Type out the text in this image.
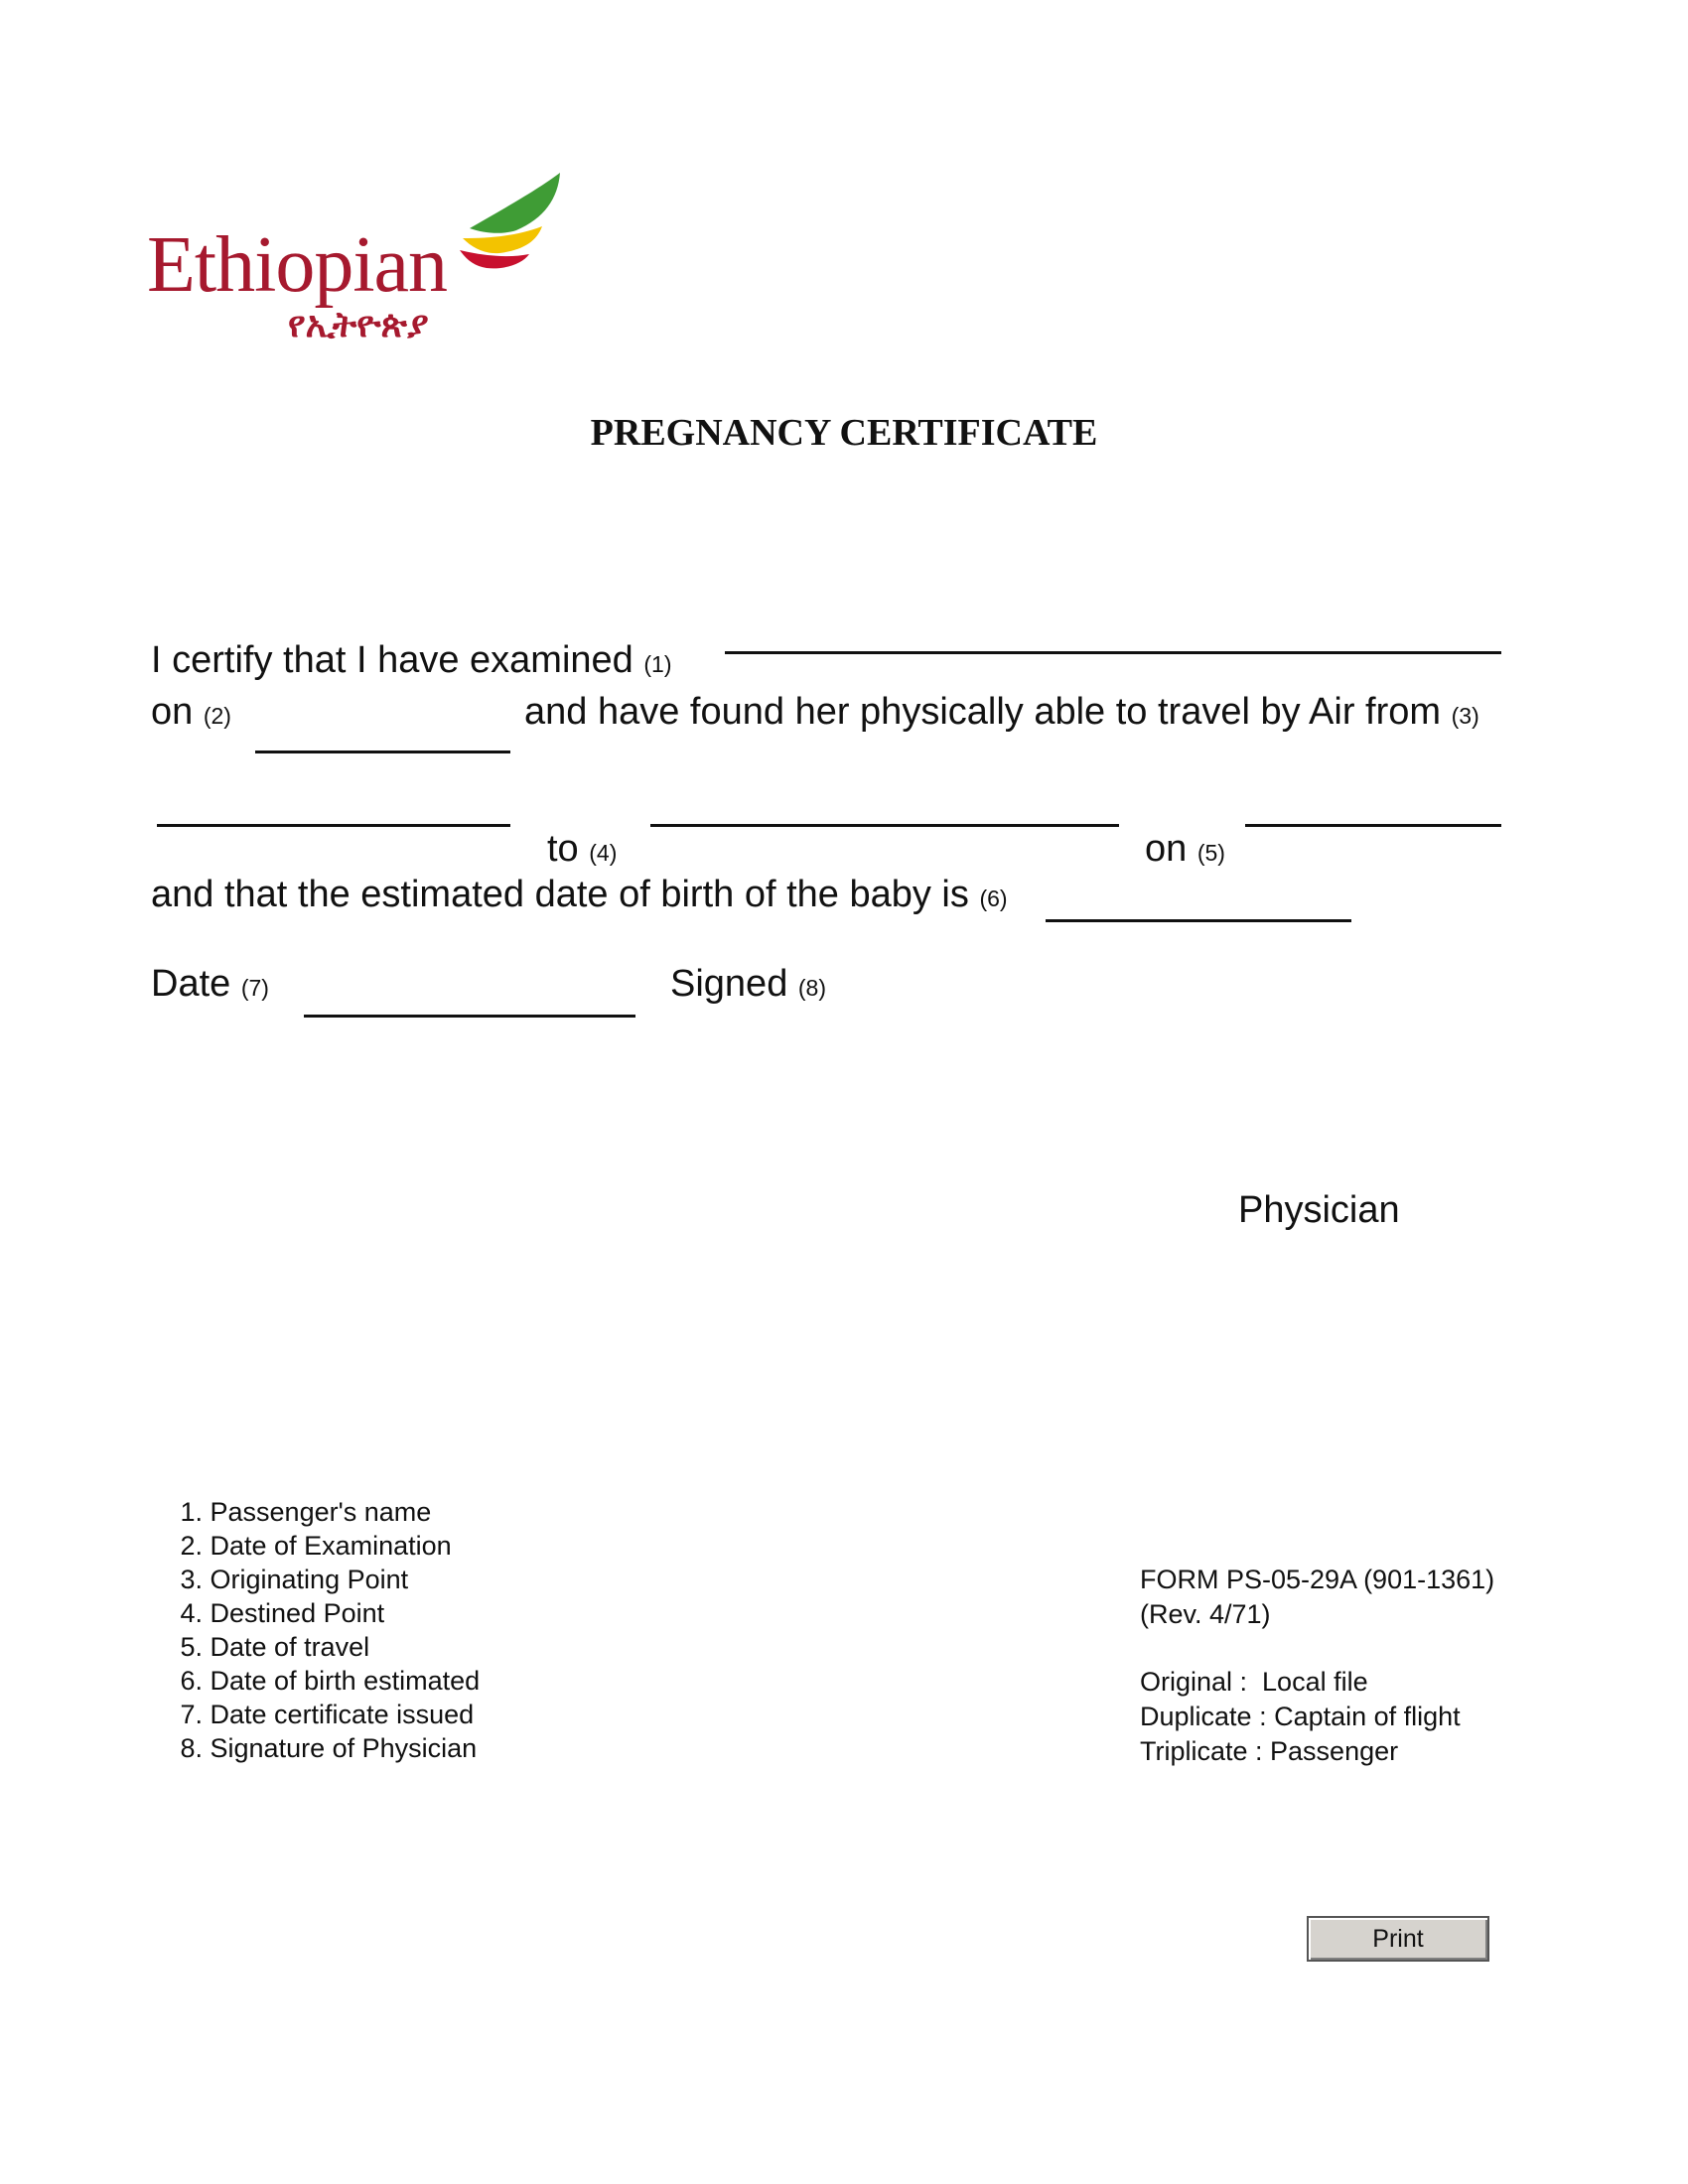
Ethiopian
የኢትዮጵያ
PREGNANCY CERTIFICATE
I certify that I have examined (1)
on (2)	and have found her physically able to travel by Air from (3)
to (4)	on (5)
and that the estimated date of birth of the baby is (6)
Date (7)	Signed (8)
Physician
1. Passenger's name
2. Date of Examination
3. Originating Point
4. Destined Point
5. Date of travel
6. Date of birth estimated
7. Date certificate issued
8. Signature of Physician
FORM PS-05-29A (901-1361)
(Rev. 4/71)
Original :  Local file
Duplicate : Captain of flight
Triplicate : Passenger
Print
